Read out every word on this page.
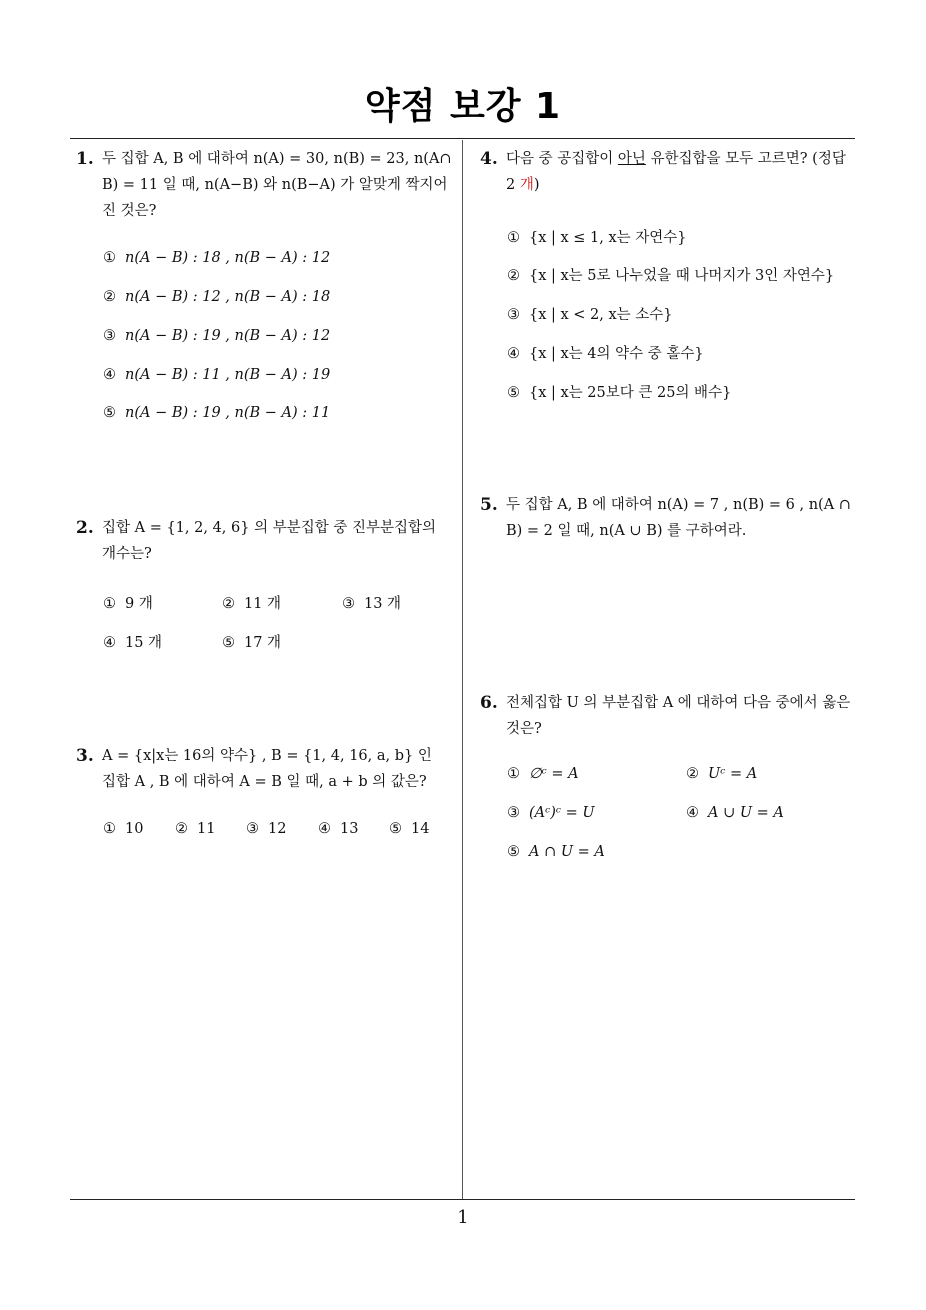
약점 보강 1
1
1. 두 집합 A, B 에 대하여 n(A) = 30, n(B) = 23, n(A∩
B) = 11 일 때, n(A−B) 와 n(B−A) 가 알맞게 짝지어
진 것은?
① n(A − B) : 18 , n(B − A) : 12
② n(A − B) : 12 , n(B − A) : 18
③ n(A − B) : 19 , n(B − A) : 12
④ n(A − B) : 11 , n(B − A) : 19
⑤ n(A − B) : 19 , n(B − A) : 11
2. 집합 A = {1, 2, 4, 6} 의 부분집합 중 진부분집합의
개수는?
① 9 개	② 11 개	③ 13 개
④ 15 개	⑤ 17 개
3. A = {x|x는 16의 약수} , B = {1, 4, 16, a, b} 인
집합 A , B 에 대하여 A = B 일 때, a + b 의 값은?
① 10 ② 11 ③ 12 ④ 13 ⑤ 14
4. 다음 중 공집합이 아닌 유한집합을 모두 고르면? (정답
2 개)
① {x | x ≤ 1, x는 자연수}
② {x | x는 5로 나누었을 때 나머지가 3인 자연수}
③ {x | x < 2, x는 소수}
④ {x | x는 4의 약수 중 홀수}
⑤ {x | x는 25보다 큰 25의 배수}
5. 두 집합 A, B 에 대하여 n(A) = 7 , n(B) = 6 , n(A ∩
B) = 2 일 때, n(A ∪ B) 를 구하여라.
6. 전체집합 U 의 부분집합 A 에 대하여 다음 중에서 옳은
것은?
① ∅ᶜ = A	② Uᶜ = A
③ (Aᶜ)ᶜ = U	④ A ∪ U = A
⑤ A ∩ U = A
